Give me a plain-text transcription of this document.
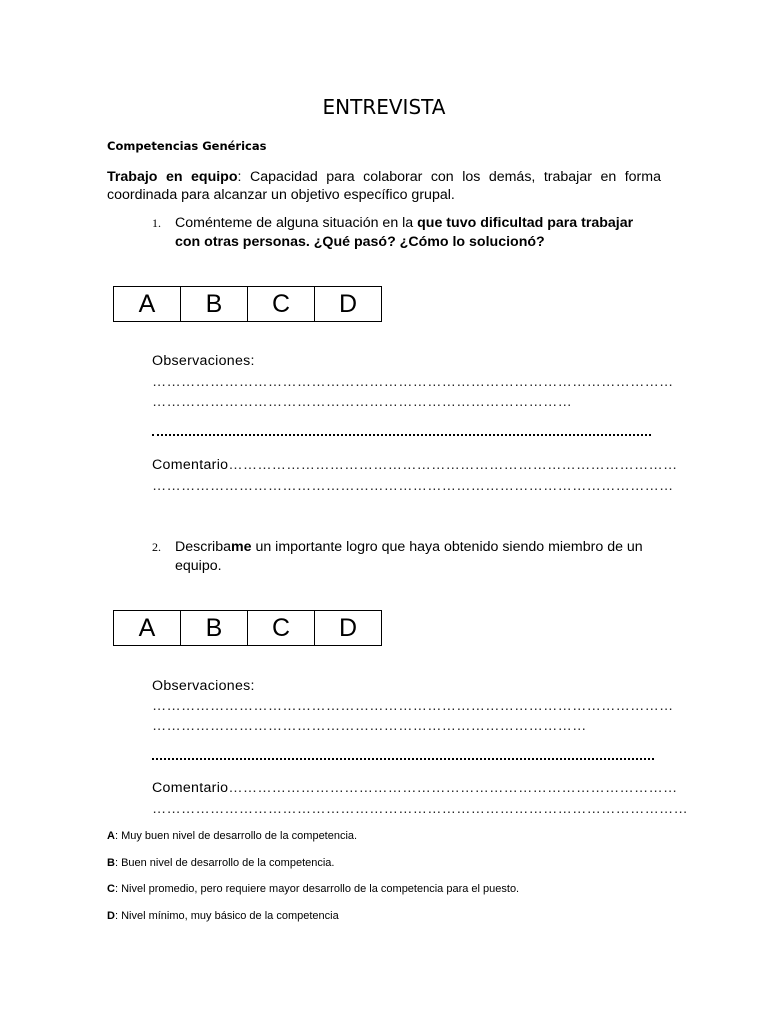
ENTREVISTA
Competencias Genéricas
Trabajo en equipo: Capacidad para colaborar con los demás, trabajar en forma coordinada para alcanzar un objetivo específico grupal.
1. Coménteme de alguna situación en la que tuvo dificultad para trabajar con otras personas. ¿Qué pasó? ¿Cómo lo solucionó?
A	B	C	D
Observaciones:
………………………………………………………………………………………………
……………………………………………………………………………
Comentario…………………………………………………………………………………
………………………………………………………………………………………………
2. Describame un importante logro que haya obtenido siendo miembro de un equipo.
A	B	C	D
Observaciones:
………………………………………………………………………………………………
………………………………………………………………………………
Comentario…………………………………………………………………………………
…………………………………………………………………………………………………
A: Muy buen nivel de desarrollo de la competencia.
B: Buen nivel de desarrollo de la competencia.
C: Nivel promedio, pero requiere mayor desarrollo de la competencia para el puesto.
D: Nivel mínimo, muy básico de la competencia
